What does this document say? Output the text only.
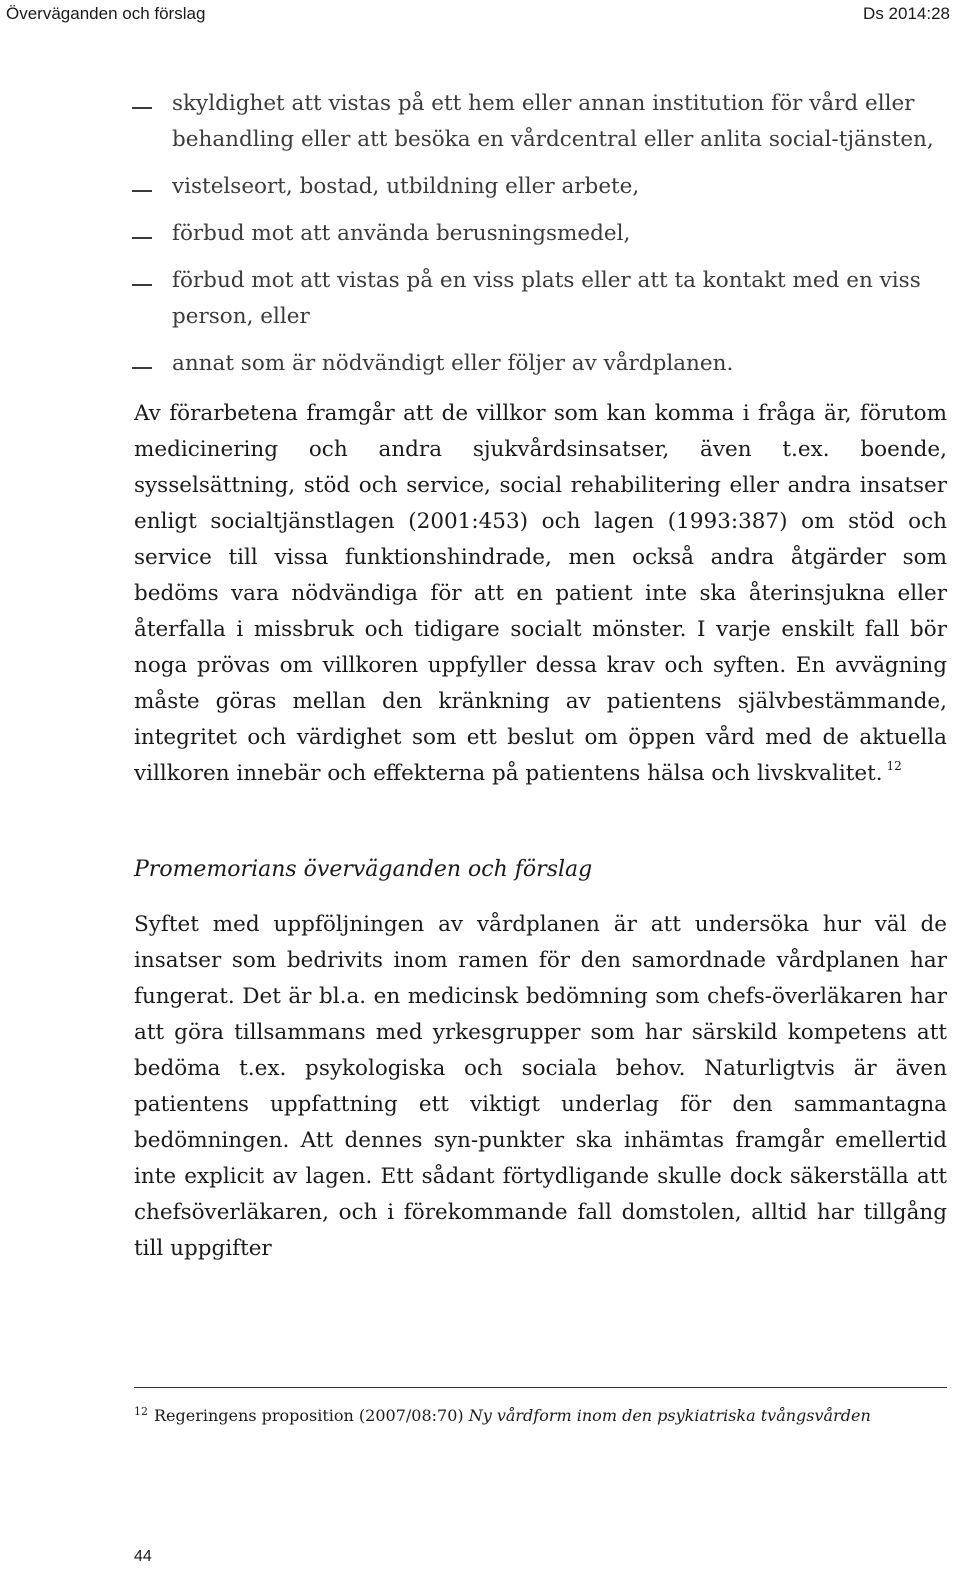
Överväganden och förslag	Ds 2014:28
skyldighet att vistas på ett hem eller annan institution för vård eller behandling eller att besöka en vårdcentral eller anlita social-tjänsten,
vistelseort, bostad, utbildning eller arbete,
förbud mot att använda berusningsmedel,
förbud mot att vistas på en viss plats eller att ta kontakt med en viss person, eller
annat som är nödvändigt eller följer av vårdplanen.

Av förarbetena framgår att de villkor som kan komma i fråga är, förutom medicinering och andra sjukvårdsinsatser, även t.ex. boende, sysselsättning, stöd och service, social rehabilitering eller andra insatser enligt socialtjänstlagen (2001:453) och lagen (1993:387) om stöd och service till vissa funktionshindrade, men också andra åtgärder som bedöms vara nödvändiga för att en patient inte ska återinsjukna eller återfalla i missbruk och tidigare socialt mönster. I varje enskilt fall bör noga prövas om villkoren uppfyller dessa krav och syften. En avvägning måste göras mellan den kränkning av patientens självbestämmande, integritet och värdighet som ett beslut om öppen vård med de aktuella villkoren innebär och effekterna på patientens hälsa och livskvalitet. $^{12}$

Promemorians överväganden och förslag

Syftet med uppföljningen av vårdplanen är att undersöka hur väl de insatser som bedrivits inom ramen för den samordnade vårdplanen har fungerat. Det är bl.a. en medicinsk bedömning som chefs-överläkaren har att göra tillsammans med yrkesgrupper som har särskild kompetens att bedöma t.ex. psykologiska och sociala behov. Naturligtvis är även patientens uppfattning ett viktigt underlag för den sammantagna bedömningen. Att dennes syn-punkter ska inhämtas framgår emellertid inte explicit av lagen. Ett sådant förtydligande skulle dock säkerställa att chefsöverläkaren, och i förekommande fall domstolen, alltid har tillgång till uppgifter

$^{12}$ Regeringens proposition (2007/08:70) Ny vårdform inom den psykiatriska tvångsvården
44
